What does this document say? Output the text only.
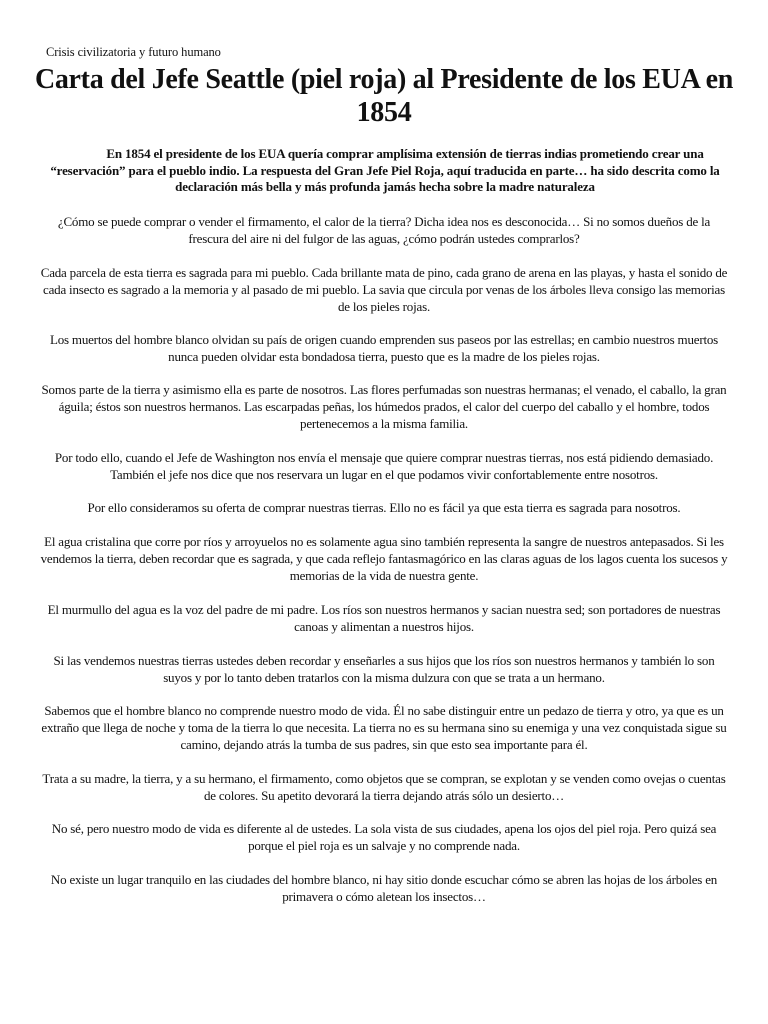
Crisis civilizatoria y futuro humano
Carta del Jefe Seattle (piel roja) al Presidente de los EUA en 1854
En 1854 el presidente de los EUA quería comprar amplísima extensión de tierras indias prometiendo crear una “reservación” para el pueblo indio. La respuesta del Gran Jefe Piel Roja, aquí traducida en parte… ha sido descrita como la declaración más bella y más profunda jamás hecha sobre la madre naturaleza

¿Cómo se puede comprar o vender el firmamento, el calor de la tierra? Dicha idea nos es desconocida… Si no somos dueños de la frescura del aire ni del fulgor de las aguas, ¿cómo podrán ustedes comprarlos?

Cada parcela de esta tierra es sagrada para mi pueblo. Cada brillante mata de pino, cada grano de arena en las playas, y hasta el sonido de cada insecto es sagrado a la memoria y al pasado de mi pueblo. La savia que circula por venas de los árboles lleva consigo las memorias de los pieles rojas.

Los muertos del hombre blanco olvidan su país de origen cuando emprenden sus paseos por las estrellas; en cambio nuestros muertos nunca pueden olvidar esta bondadosa tierra, puesto que es la madre de los pieles rojas.

Somos parte de la tierra y asimismo ella es parte de nosotros. Las flores perfumadas son nuestras hermanas; el venado, el caballo, la gran águila; éstos son nuestros hermanos. Las escarpadas peñas, los húmedos prados, el calor del cuerpo del caballo y el hombre, todos pertenecemos a la misma familia.

Por todo ello, cuando el Jefe de Washington nos envía el mensaje que quiere comprar nuestras tierras, nos está pidiendo demasiado. También el jefe nos dice que nos reservara un lugar en el que podamos vivir confortablemente entre nosotros.

Por ello consideramos su oferta de comprar nuestras tierras. Ello no es fácil ya que esta tierra es sagrada para nosotros.

El agua cristalina que corre por ríos y arroyuelos no es solamente agua sino también representa la sangre de nuestros antepasados. Si les vendemos la tierra, deben recordar que es sagrada, y que cada reflejo fantasmagórico en las claras aguas de los lagos cuenta los sucesos y memorias de la vida de nuestra gente.

El murmullo del agua es la voz del padre de mi padre. Los ríos son nuestros hermanos y sacian nuestra sed; son portadores de nuestras canoas y alimentan a nuestros hijos.

Si las vendemos nuestras tierras ustedes deben recordar y enseñarles a sus hijos que los ríos son nuestros hermanos y también lo son suyos y por lo tanto deben tratarlos con la misma dulzura con que se trata a un hermano.

Sabemos que el hombre blanco no comprende nuestro modo de vida. Él no sabe distinguir entre un pedazo de tierra y otro, ya que es un extraño que llega de noche y toma de la tierra lo que necesita. La tierra no es su hermana sino su enemiga y una vez conquistada sigue su camino, dejando atrás la tumba de sus padres, sin que esto sea importante para él.

Trata a su madre, la tierra, y a su hermano, el firmamento, como objetos que se compran, se explotan y se venden como ovejas o cuentas de colores. Su apetito devorará la tierra dejando atrás sólo un desierto…

No sé, pero nuestro modo de vida es diferente al de ustedes. La sola vista de sus ciudades, apena los ojos del piel roja. Pero quizá sea porque el piel roja es un salvaje y no comprende nada.

No existe un lugar tranquilo en las ciudades del hombre blanco, ni hay sitio donde escuchar cómo se abren las hojas de los árboles en primavera o cómo aletean los insectos…
